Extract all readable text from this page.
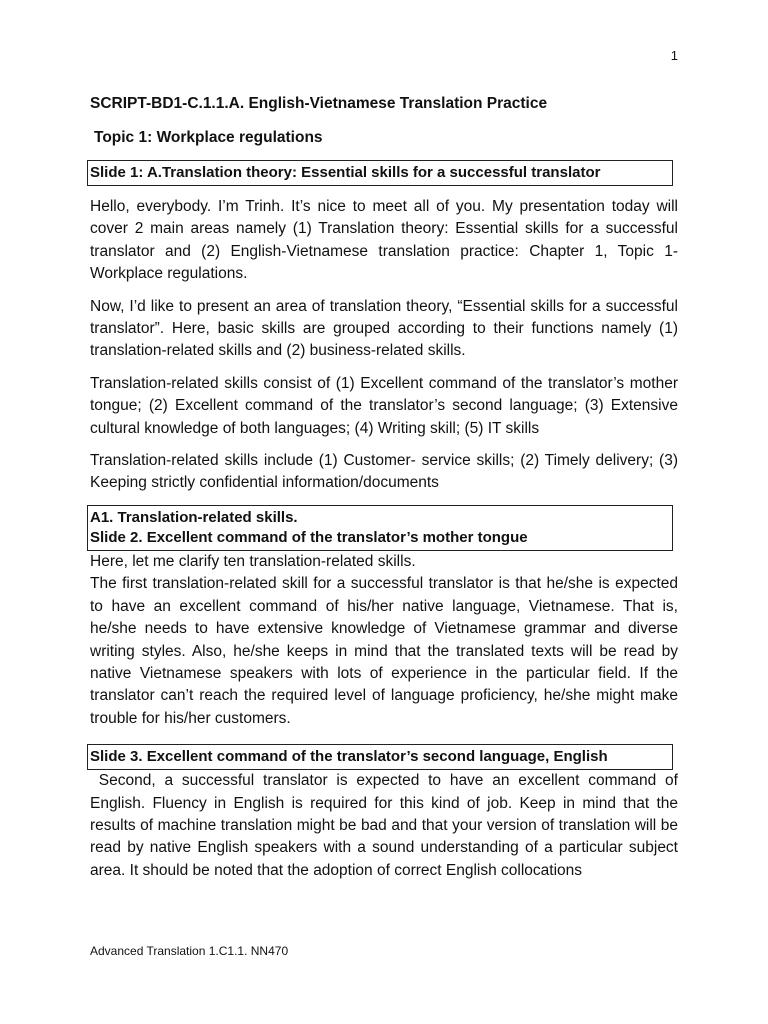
1

SCRIPT-BD1-C.1.1.A. English-Vietnamese Translation Practice

Topic 1: Workplace regulations

Slide 1: A.Translation theory: Essential skills for a successful translator

Hello, everybody. I’m Trinh. It’s nice to meet all of you. My presentation today will cover 2 main areas namely (1) Translation theory: Essential skills for a successful translator and (2) English-Vietnamese translation practice: Chapter 1, Topic 1- Workplace regulations.

Now, I’d like to present an area of translation theory, “Essential skills for a successful translator”. Here, basic skills are grouped according to their functions namely (1) translation-related skills and (2) business-related skills.

Translation-related skills consist of (1) Excellent command of the translator’s mother tongue; (2) Excellent command of the translator’s second language; (3) Extensive cultural knowledge of both languages; (4) Writing skill; (5) IT skills

Translation-related skills include (1) Customer- service skills; (2) Timely delivery; (3) Keeping strictly confidential information/documents

A1. Translation-related skills.
Slide 2. Excellent command of the translator’s mother tongue

Here, let me clarify ten translation-related skills.

The first translation-related skill for a successful translator is that he/she is expected to have an excellent command of his/her native language, Vietnamese. That is, he/she needs to have extensive knowledge of Vietnamese grammar and diverse writing styles. Also, he/she keeps in mind that the translated texts will be read by native Vietnamese speakers with lots of experience in the particular field. If the translator can’t reach the required level of language proficiency, he/she might make trouble for his/her customers.

Slide 3. Excellent command of the translator’s second language, English

Second, a successful translator is expected to have an excellent command of English. Fluency in English is required for this kind of job. Keep in mind that the results of machine translation might be bad and that your version of translation will be read by native English speakers with a sound understanding of a particular subject area. It should be noted that the adoption of correct English collocations

Advanced Translation 1.C1.1. NN470
